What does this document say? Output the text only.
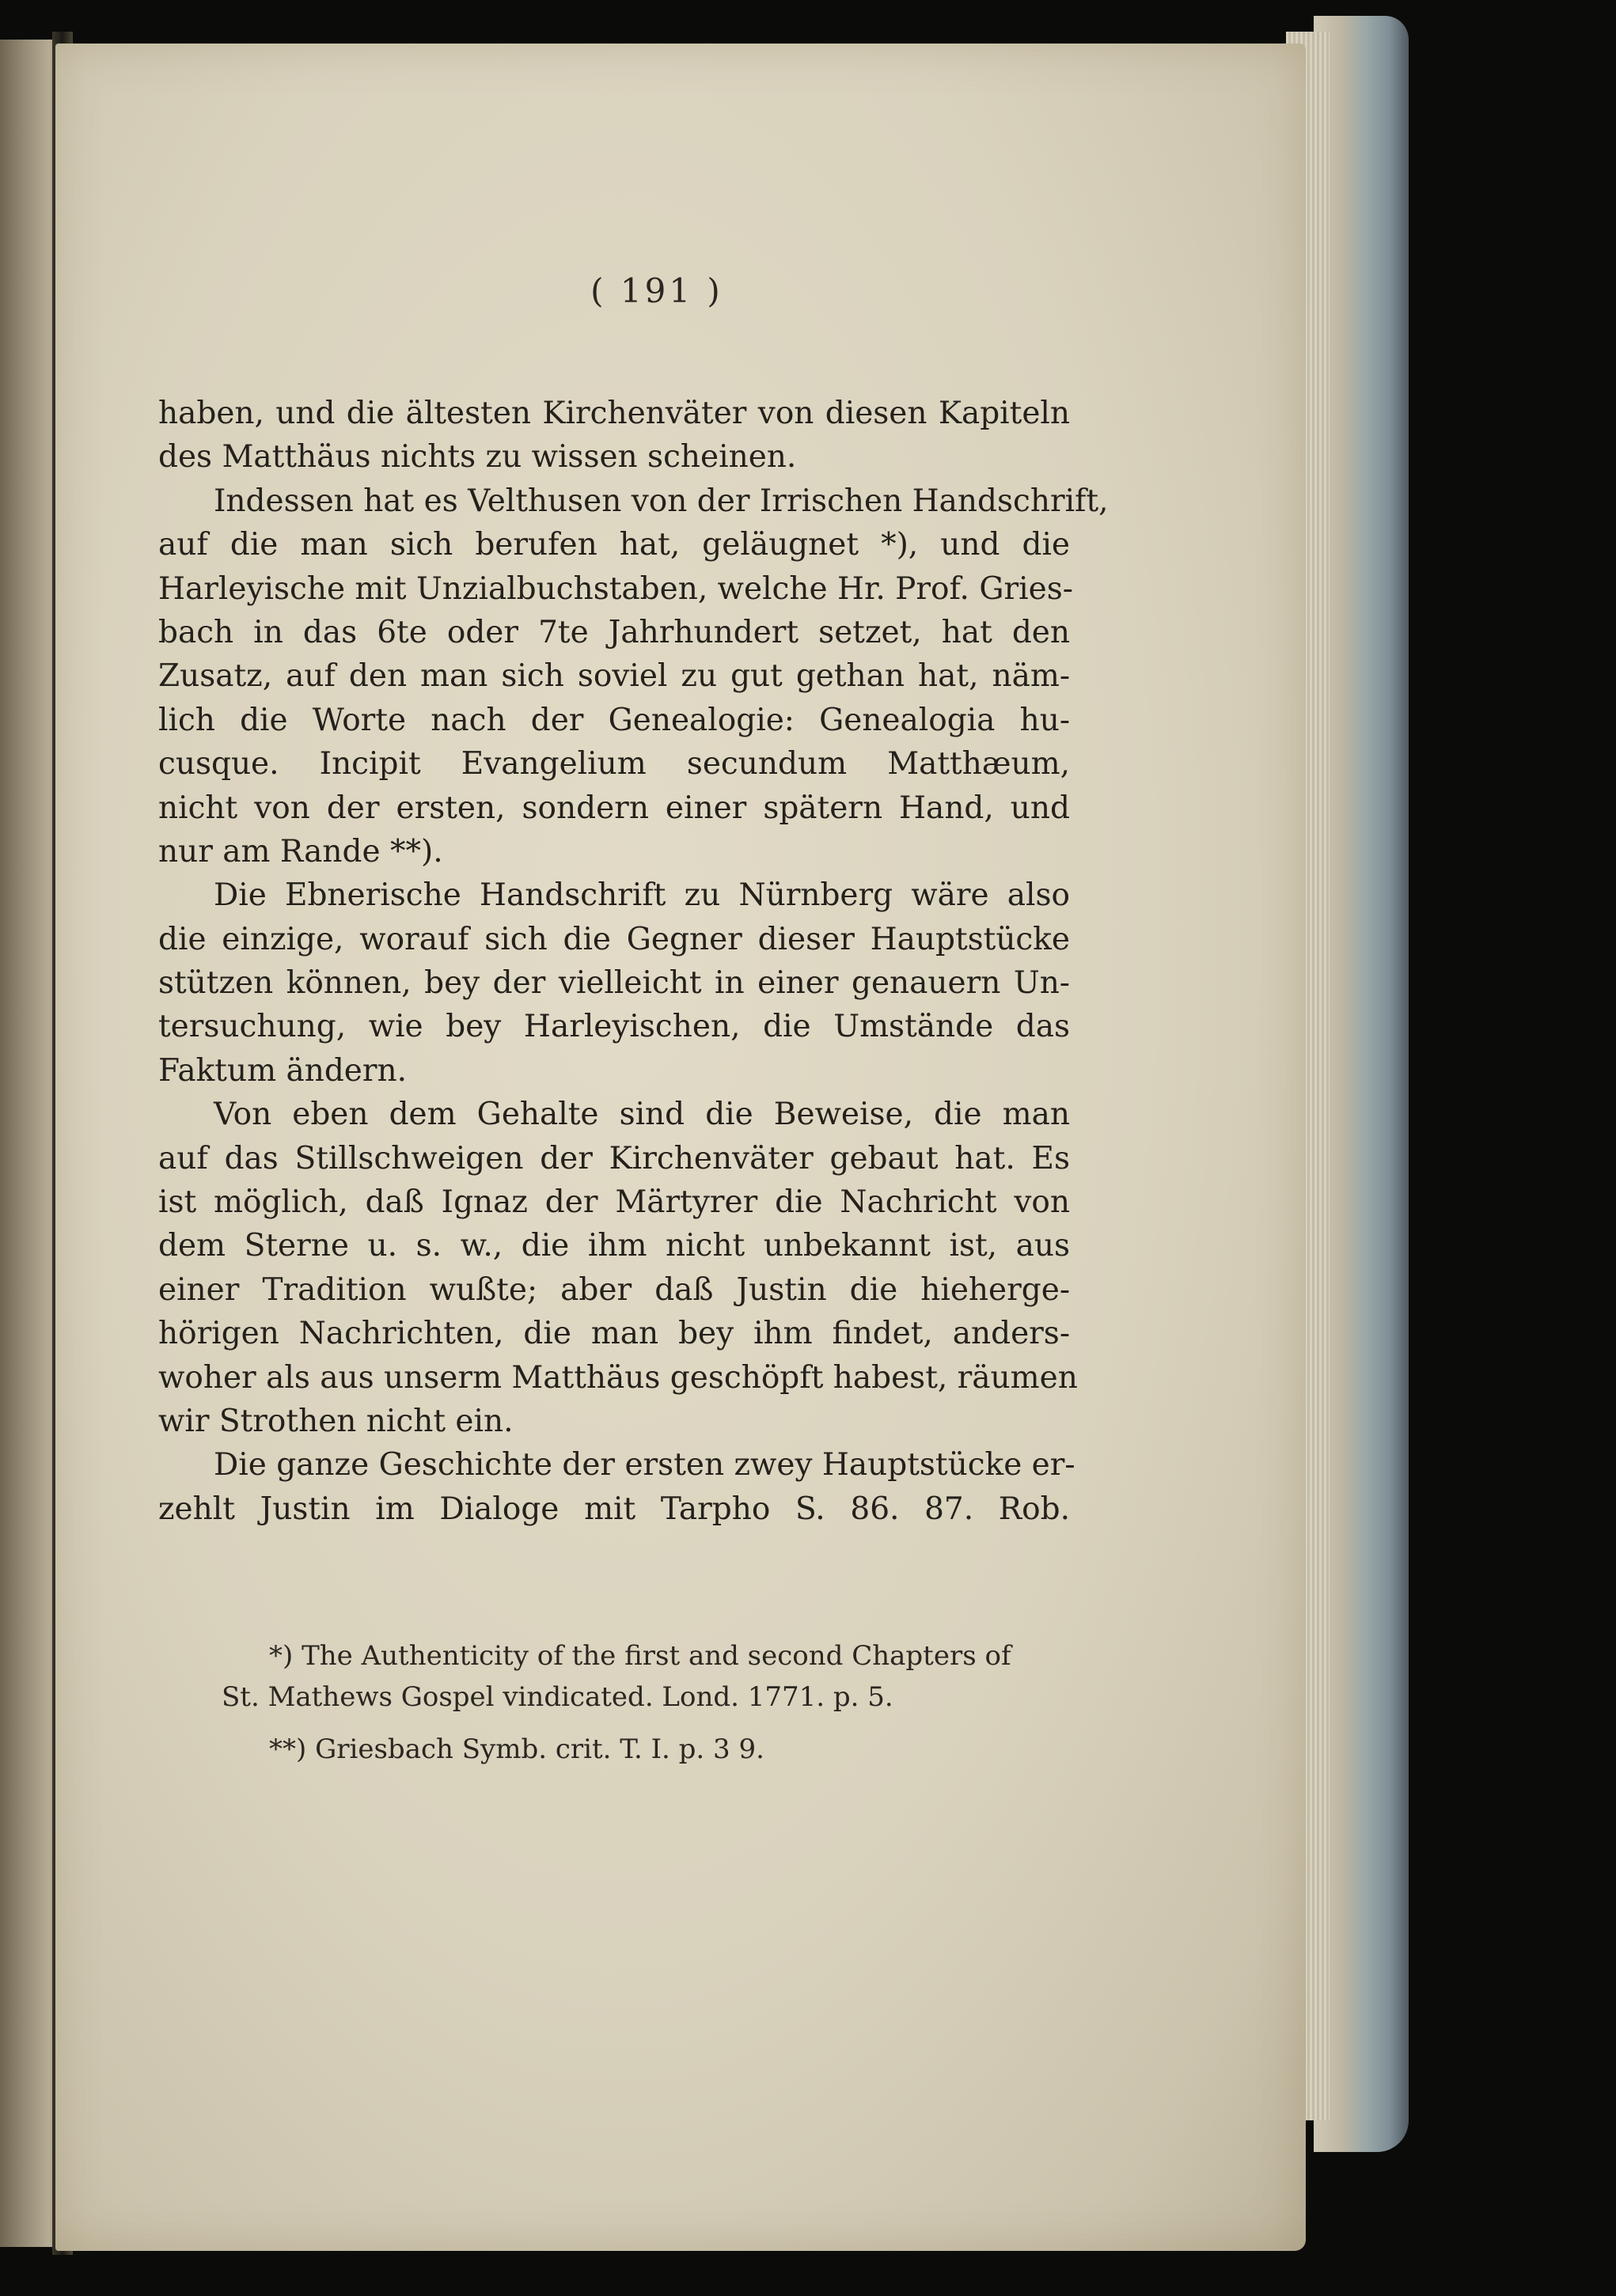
( 191 )
haben, und die ältesten Kirchenväter von diesen Kapiteln
des Matthäus nichts zu wissen scheinen.
Indessen hat es Velthusen von der Irrischen Handschrift,
auf die man sich berufen hat, geläugnet *), und die
Harleyische mit Unzialbuchstaben, welche Hr. Prof. Gries-
bach in das 6te oder 7te Jahrhundert setzet, hat den
Zusatz, auf den man sich soviel zu gut gethan hat, näm-
lich die Worte nach der Genealogie: Genealogia hu-
cusque. Incipit Evangelium secundum Matthæum,
nicht von der ersten, sondern einer spätern Hand, und
nur am Rande **).
Die Ebnerische Handschrift zu Nürnberg wäre also
die einzige, worauf sich die Gegner dieser Hauptstücke
stützen können, bey der vielleicht in einer genauern Un-
tersuchung, wie bey Harleyischen, die Umstände das
Faktum ändern.
Von eben dem Gehalte sind die Beweise, die man
auf das Stillschweigen der Kirchenväter gebaut hat. Es
ist möglich, daß Ignaz der Märtyrer die Nachricht von
dem Sterne u. s. w., die ihm nicht unbekannt ist, aus
einer Tradition wußte; aber daß Justin die hieherge-
hörigen Nachrichten, die man bey ihm findet, anders-
woher als aus unserm Matthäus geschöpft habest, räumen
wir Strothen nicht ein.
Die ganze Geschichte der ersten zwey Hauptstücke er-
zehlt Justin im Dialoge mit Tarpho S. 86. 87. Rob.
*) The Authenticity of the first and second Chapters of
St. Mathews Gospel vindicated. Lond. 1771. p. 5.
**) Griesbach Symb. crit. T. I. p. 3 9.
